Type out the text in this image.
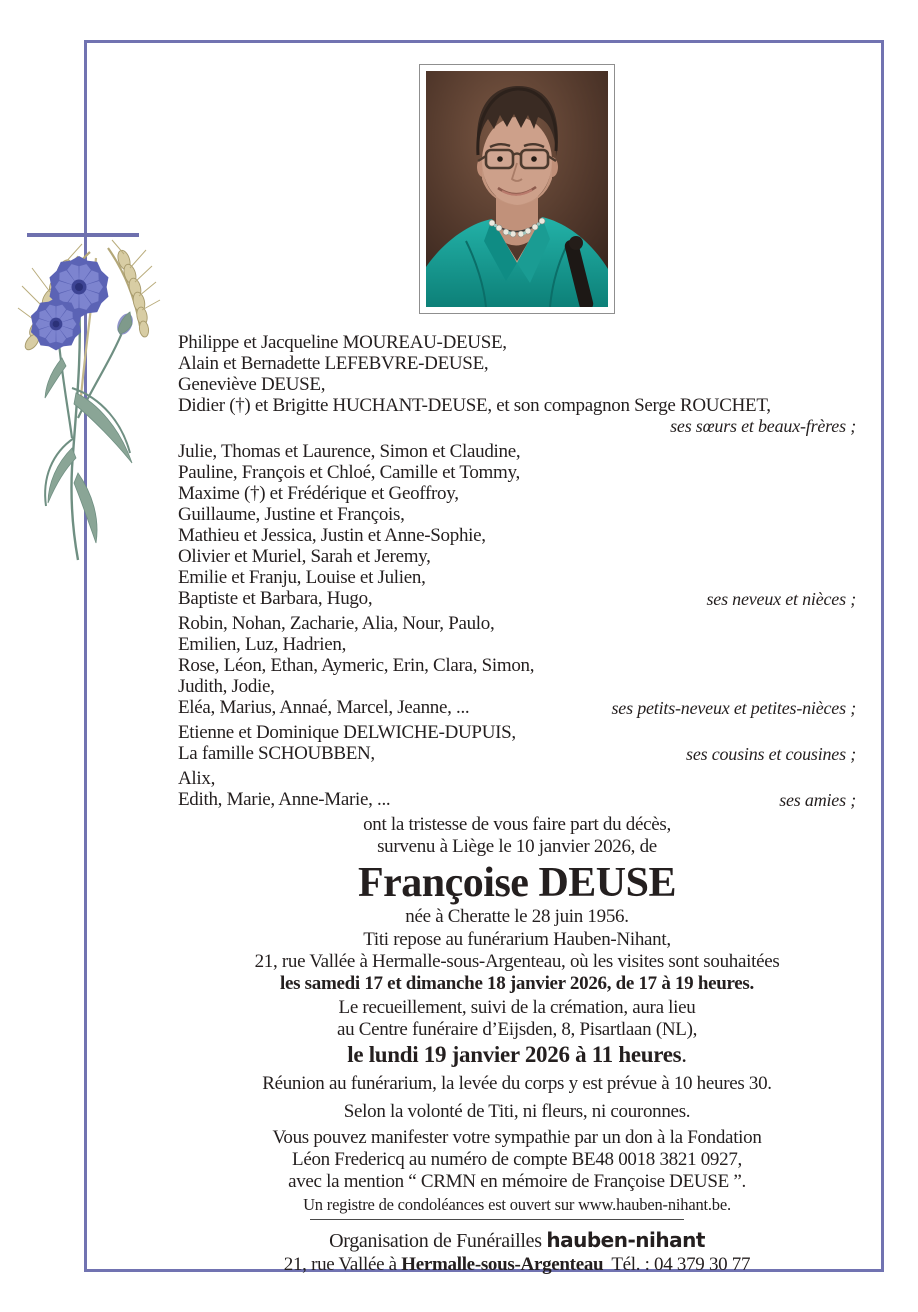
Philippe et Jacqueline MOUREAU-DEUSE,
Alain et Bernadette LEFEBVRE-DEUSE,
Geneviève DEUSE,
Didier (†) et Brigitte HUCHANT-DEUSE, et son compagnon Serge ROUCHET,
ses sœurs et beaux-frères ;
Julie, Thomas et Laurence, Simon et Claudine,
Pauline, François et Chloé, Camille et Tommy,
Maxime (†) et Frédérique et Geoffroy,
Guillaume, Justine et François,
Mathieu et Jessica, Justin et Anne-Sophie,
Olivier et Muriel, Sarah et Jeremy,
Emilie et Franju, Louise et Julien,
Baptiste et Barbara, Hugo,	ses neveux et nièces ;
Robin, Nohan, Zacharie, Alia, Nour, Paulo,
Emilien, Luz, Hadrien,
Rose, Léon, Ethan, Aymeric, Erin, Clara, Simon,
Judith, Jodie,
Eléa, Marius, Annaé, Marcel, Jeanne, ...	ses petits-neveux et petites-nièces ;
Etienne et Dominique DELWICHE-DUPUIS,
La famille SCHOUBBEN,	ses cousins et cousines ;
Alix,
Edith, Marie, Anne-Marie, ...	ses amies ;
ont la tristesse de vous faire part du décès,
survenu à Liège le 10 janvier 2026, de
Françoise DEUSE
née à Cheratte le 28 juin 1956.
Titi repose au funérarium Hauben-Nihant,
21, rue Vallée à Hermalle-sous-Argenteau, où les visites sont souhaitées
les samedi 17 et dimanche 18 janvier 2026, de 17 à 19 heures.
Le recueillement, suivi de la crémation, aura lieu
au Centre funéraire d’Eijsden, 8, Pisartlaan (NL),
le lundi 19 janvier 2026 à 11 heures.
Réunion au funérarium, la levée du corps y est prévue à 10 heures 30.
Selon la volonté de Titi, ni fleurs, ni couronnes.
Vous pouvez manifester votre sympathie par un don à la Fondation
Léon Fredericq au numéro de compte BE48 0018 3821 0927,
avec la mention “ CRMN en mémoire de Françoise DEUSE ”.
Un registre de condoléances est ouvert sur www.hauben-nihant.be.
Organisation de Funérailles hauben-nihant
21, rue Vallée à Hermalle-sous-Argenteau Tél. : 04 379 30 77
